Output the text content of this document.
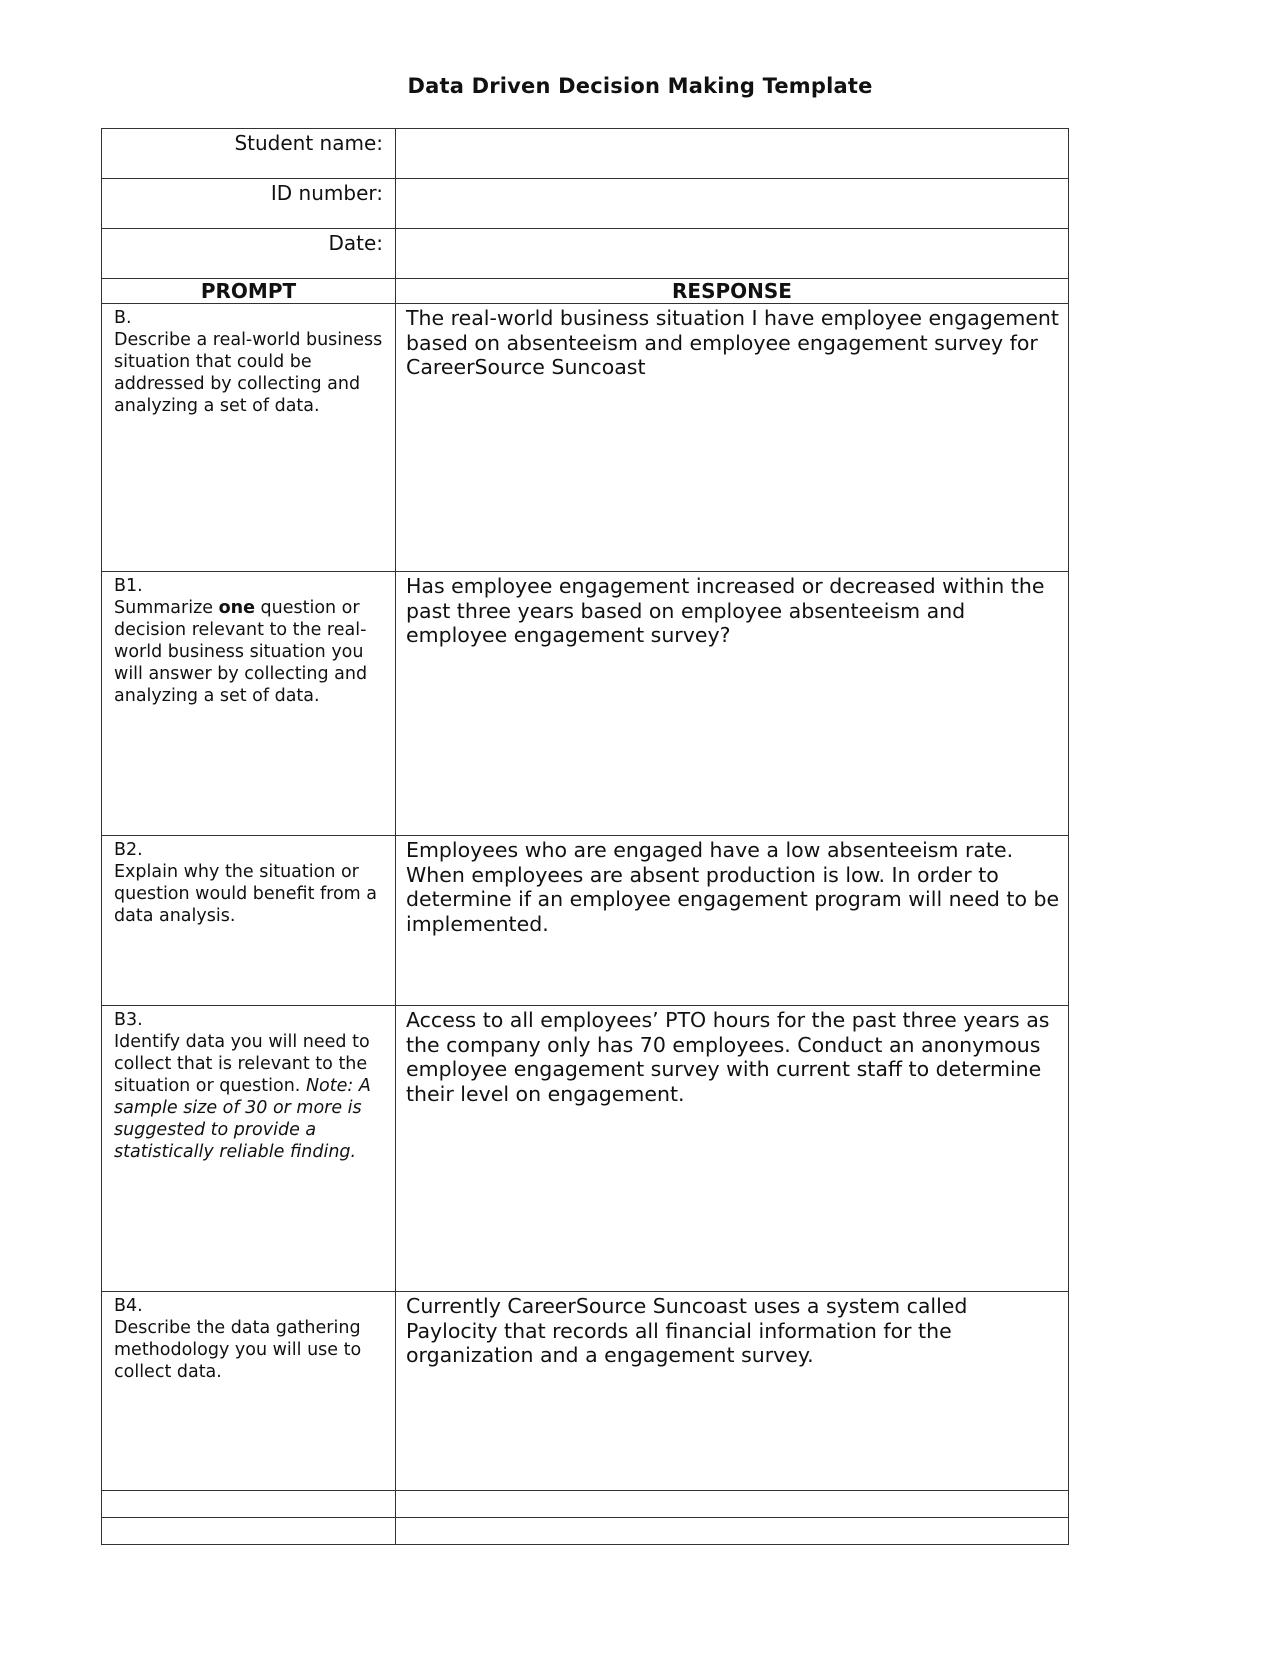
Data Driven Decision Making Template
Student name:	
ID number:	
Date:	
PROMPT	RESPONSE

B.
Describe a real-world business situation that could be addressed by collecting and analyzing a set of data.	The real-world business situation I have employee engagement based on absenteeism and employee engagement survey for CareerSource Suncoast

B1.
Summarize one question or decision relevant to the real-world business situation you will answer by collecting and analyzing a set of data.	Has employee engagement increased or decreased within the past three years based on employee absenteeism and employee engagement survey?

B2.
Explain why the situation or question would benefit from a data analysis.	Employees who are engaged have a low absenteeism rate. When employees are absent production is low. In order to determine if an employee engagement program will need to be implemented.

B3.
Identify data you will need to collect that is relevant to the situation or question. Note: A sample size of 30 or more is suggested to provide a statistically reliable finding.	Access to all employees’ PTO hours for the past three years as the company only has 70 employees. Conduct an anonymous employee engagement survey with current staff to determine their level on engagement.

B4.
Describe the data gathering methodology you will use to collect data.	Currently CareerSource Suncoast uses a system called Paylocity that records all financial information for the organization and a engagement survey.
